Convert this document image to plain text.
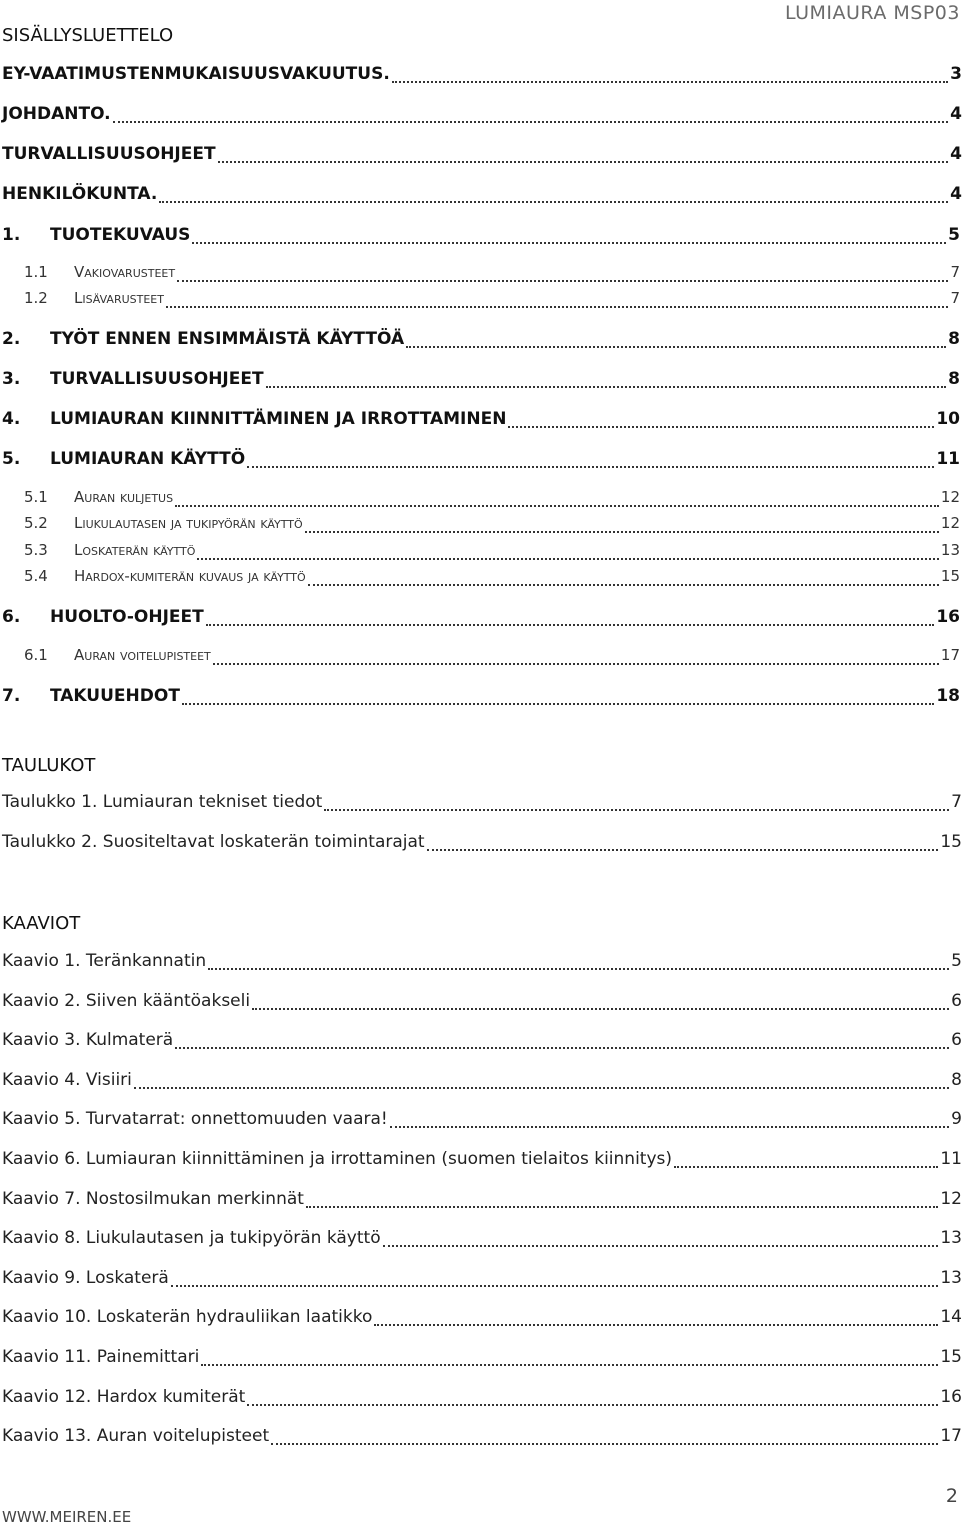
LUMIAURA MSP03
SISÄLLYSLUETTELO
EY-VAATIMUSTENMUKAISUUSVAKUUTUS.	3
JOHDANTO.	4
TURVALLISUUSOHJEET	4
HENKILÖKUNTA.	4
1.	TUOTEKUVAUS	5
1.1	Vakiovarusteet	7
1.2	Lisävarusteet	7
2.	TYÖT ENNEN ENSIMMÄISTÄ KÄYTTÖÄ	8
3.	TURVALLISUUSOHJEET	8
4.	LUMIAURAN KIINNITTÄMINEN JA IRROTTAMINEN	10
5.	LUMIAURAN KÄYTTÖ	11
5.1	Auran kuljetus	12
5.2	Liukulautasen ja tukipyörän käyttö	12
5.3	Loskaterän käyttö	13
5.4	Hardox-kumiterän kuvaus ja käyttö	15
6.	HUOLTO-OHJEET	16
6.1	Auran voitelupisteet	17
7.	TAKUUEHDOT	18
TAULUKOT
Taulukko 1. Lumiauran tekniset tiedot	7
Taulukko 2. Suositeltavat loskaterän toimintarajat	15
KAAVIOT
Kaavio 1. Teränkannatin	5
Kaavio 2. Siiven kääntöakseli	6
Kaavio 3. Kulmaterä	6
Kaavio 4. Visiiri	8
Kaavio 5. Turvatarrat: onnettomuuden vaara!	9
Kaavio 6. Lumiauran kiinnittäminen ja irrottaminen (suomen tielaitos kiinnitys)	11
Kaavio 7. Nostosilmukan merkinnät	12
Kaavio 8. Liukulautasen ja tukipyörän käyttö	13
Kaavio 9. Loskaterä	13
Kaavio 10. Loskaterän hydrauliikan laatikko	14
Kaavio 11. Painemittari	15
Kaavio 12. Hardox kumiterät	16
Kaavio 13. Auran voitelupisteet	17
WWW.MEIREN.EE
2
